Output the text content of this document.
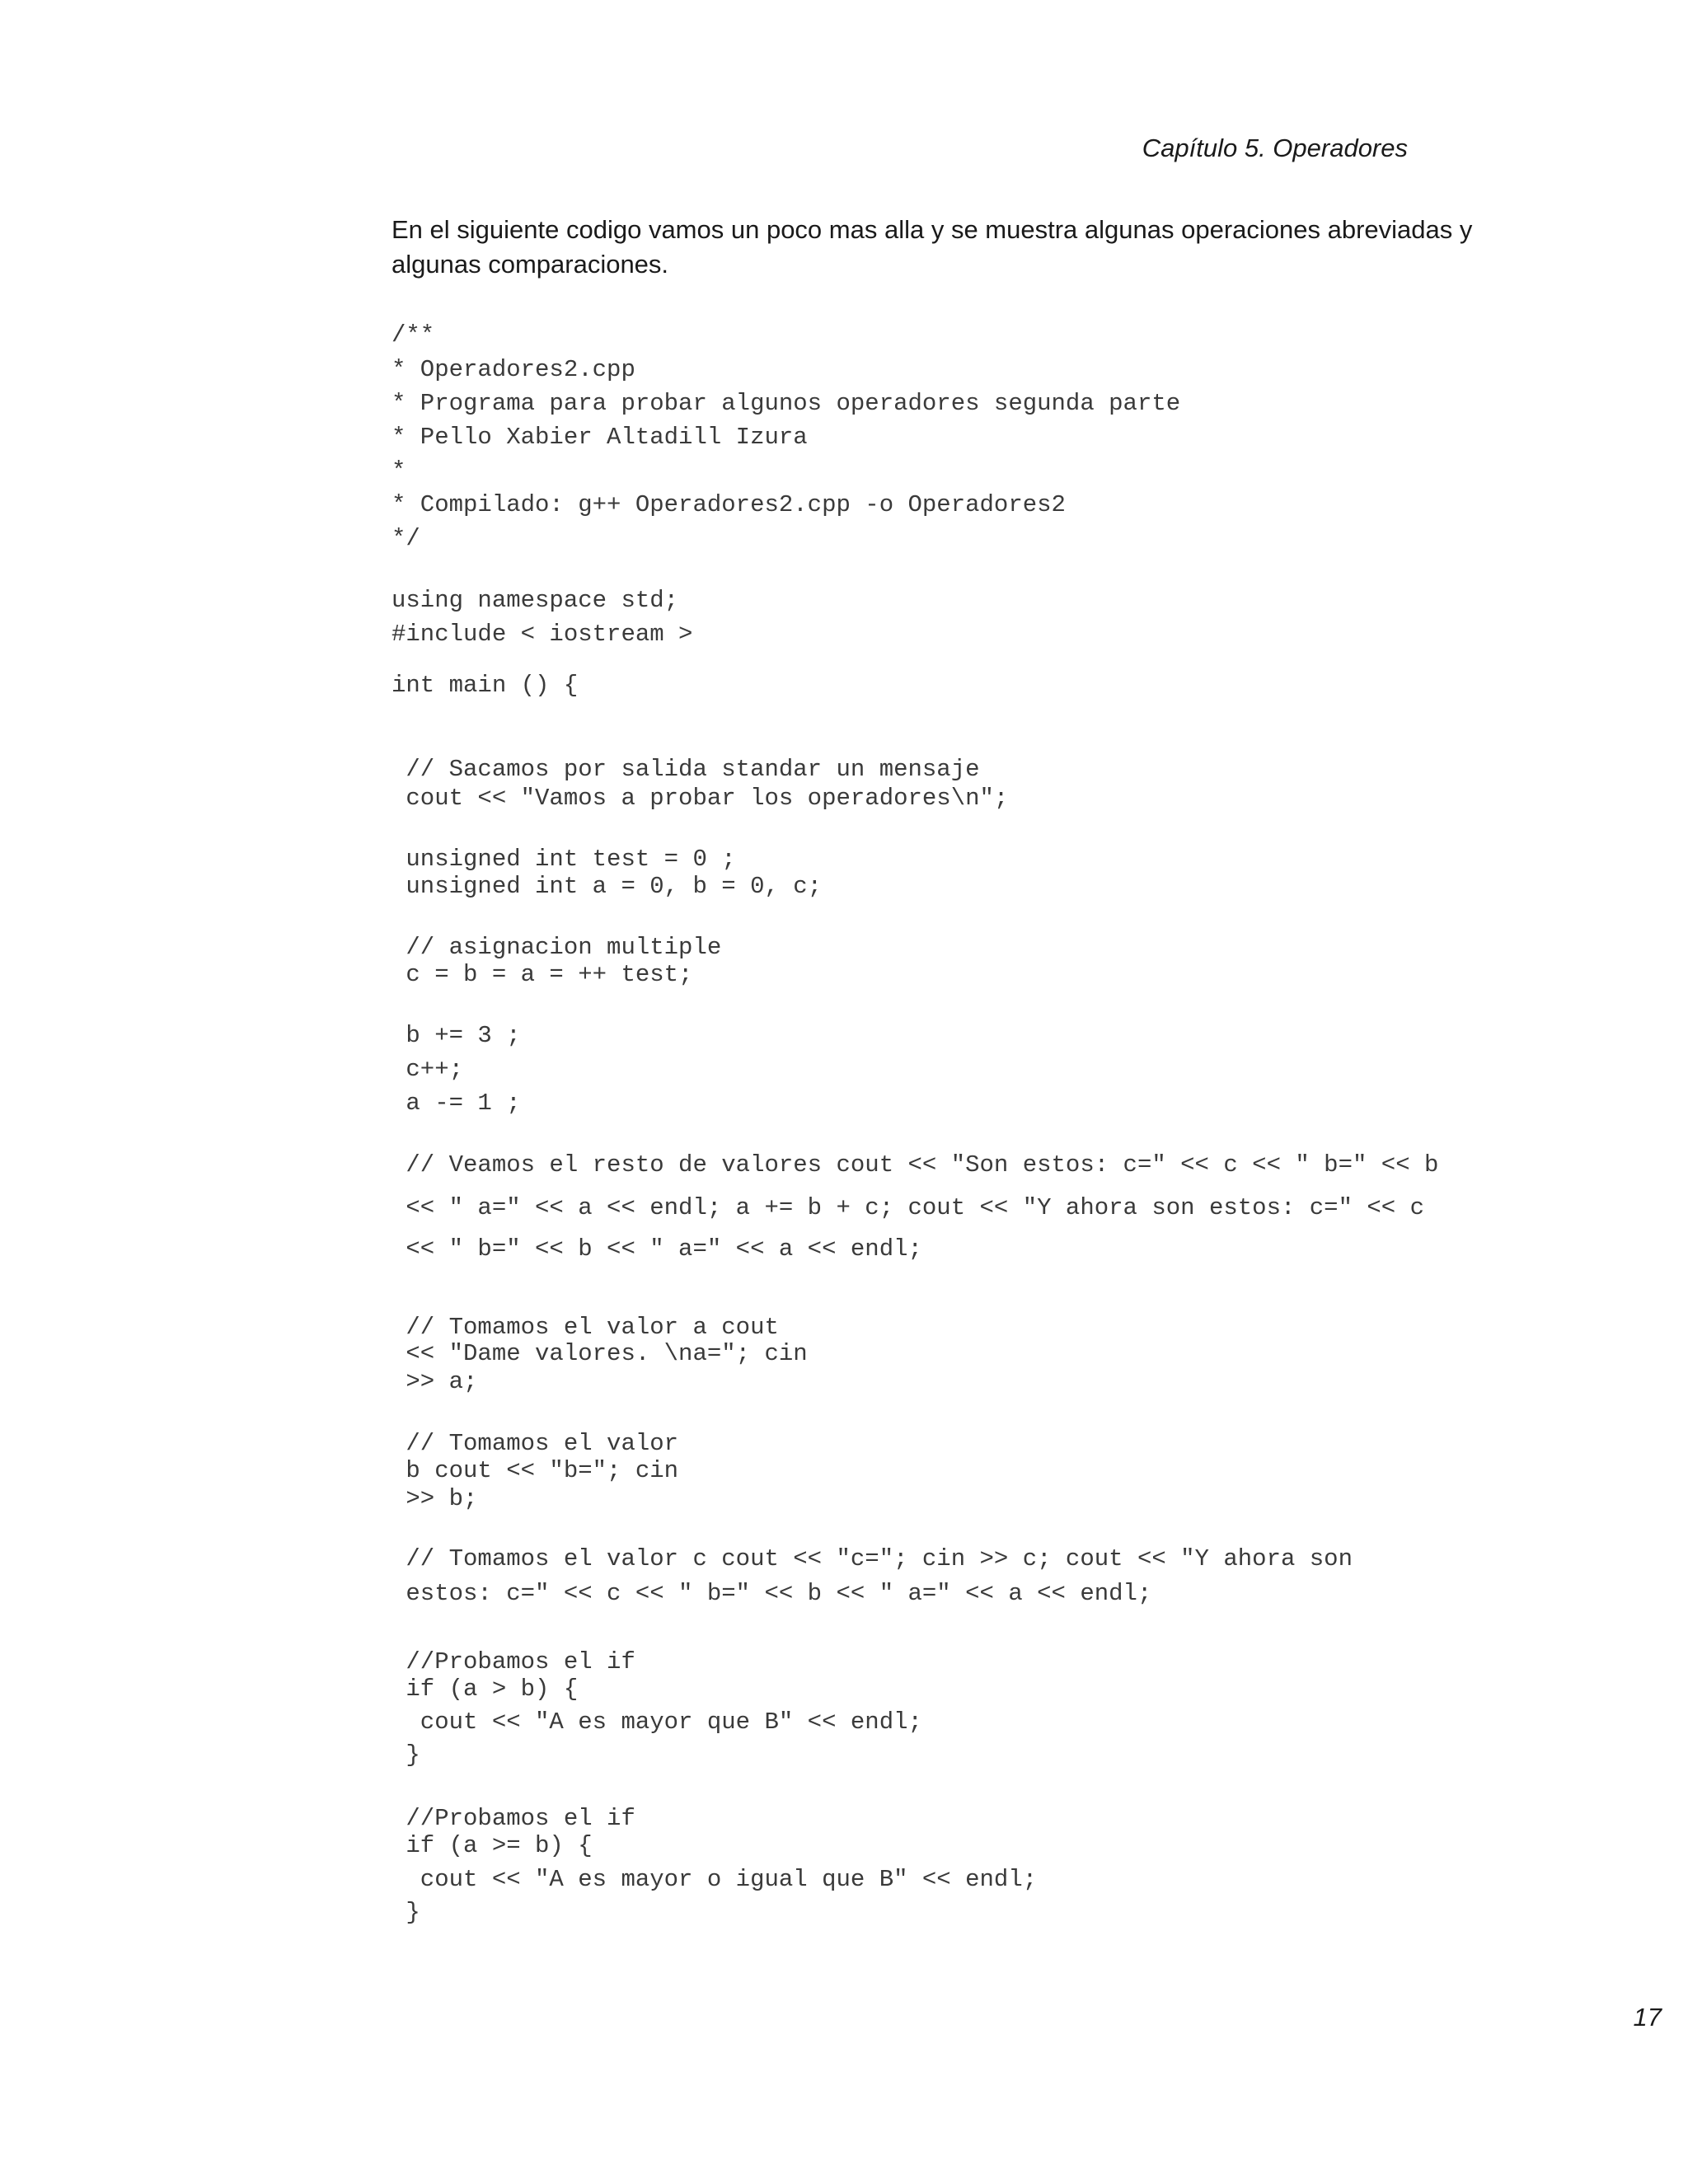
Capítulo 5. Operadores
En el siguiente codigo vamos un poco mas alla y se muestra algunas operaciones abreviadas y algunas comparaciones.
/**
* Operadores2.cpp
* Programa para probar algunos operadores segunda parte
* Pello Xabier Altadill Izura
*
* Compilado: g++ Operadores2.cpp -o Operadores2
*/
using namespace std;
#include < iostream >
int main () {
// Sacamos por salida standar un mensaje
cout << "Vamos a probar los operadores\n";
unsigned int test = 0 ;
unsigned int a = 0, b = 0, c;
// asignacion multiple
c = b = a = ++ test;
b += 3 ;
c++;
a -= 1 ;
// Veamos el resto de valores cout << "Son estos: c=" << c << " b=" << b
<< " a=" << a << endl; a += b + c; cout << "Y ahora son estos: c=" << c
<< " b=" << b << " a=" << a << endl;
// Tomamos el valor a cout
<< "Dame valores. \na="; cin
>> a;
// Tomamos el valor
b cout << "b="; cin
>> b;
// Tomamos el valor c cout << "c="; cin >> c; cout << "Y ahora son
estos: c=" << c << " b=" << b << " a=" << a << endl;
//Probamos el if
if (a > b) {
cout << "A es mayor que B" << endl;
}
//Probamos el if
if (a >= b) {
cout << "A es mayor o igual que B" << endl;
}
17
